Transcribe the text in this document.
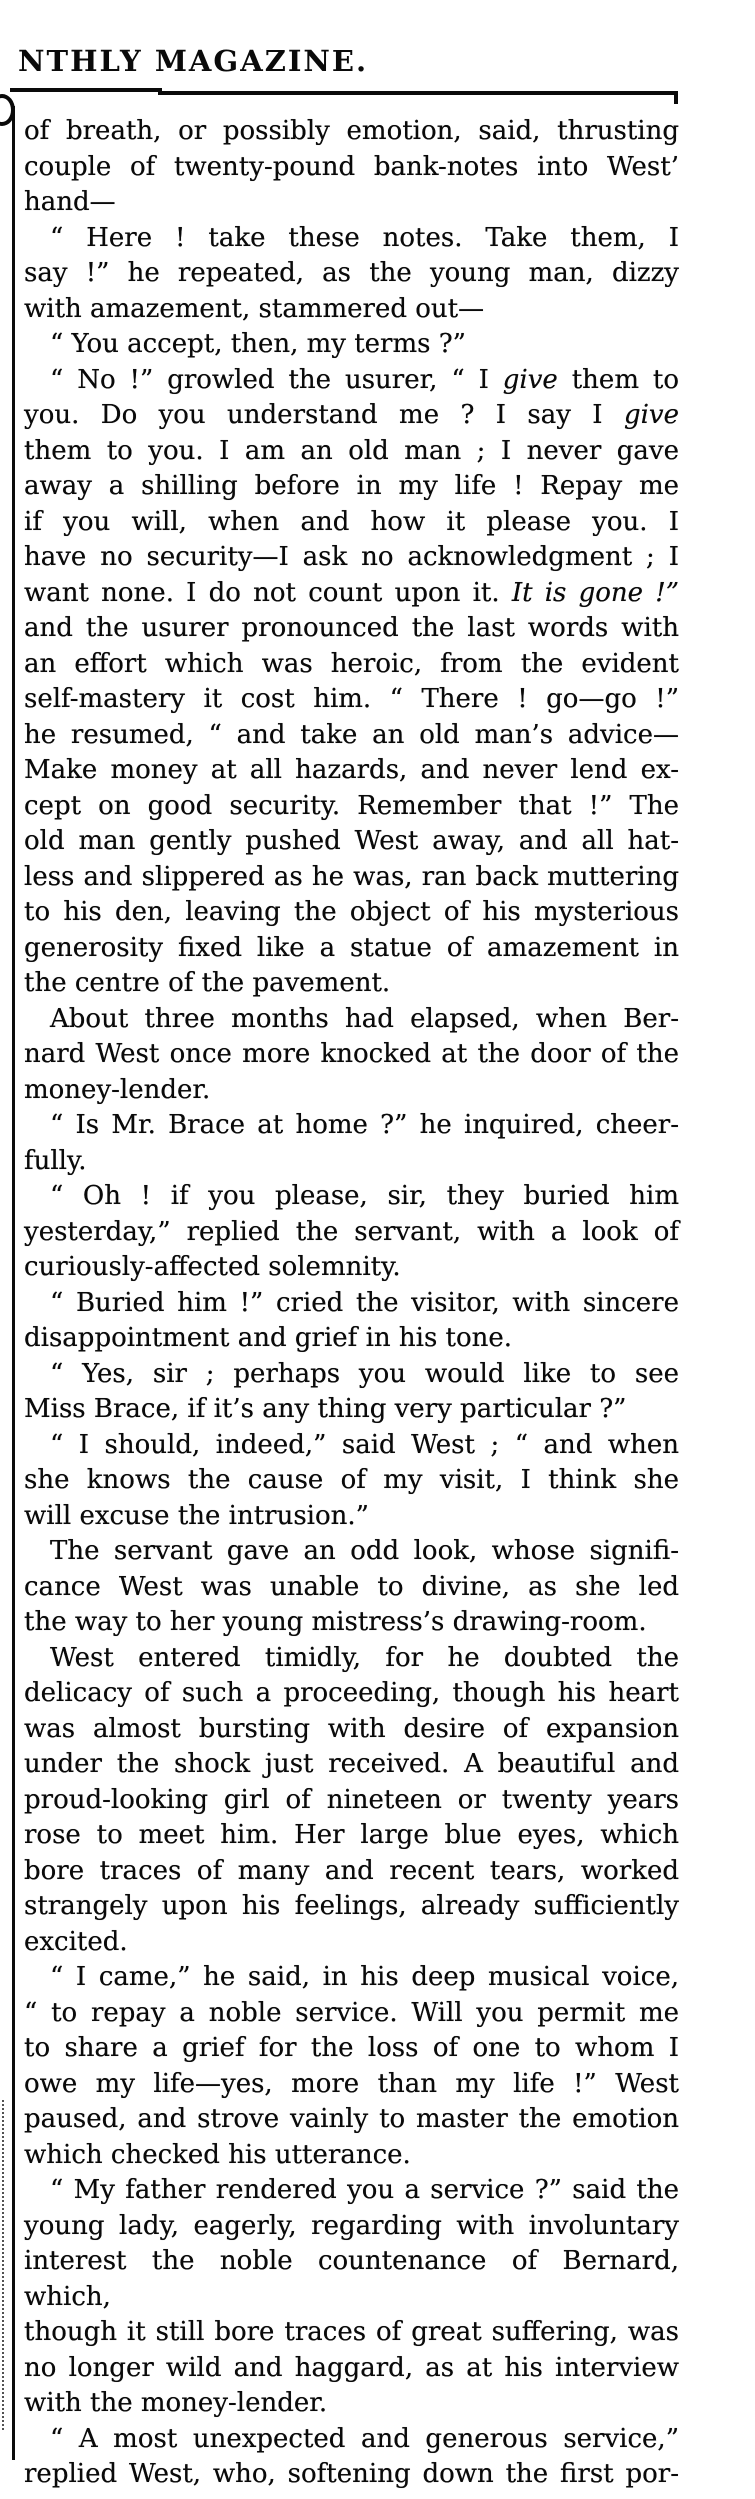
NTHLY MAGAZINE.
of breath, or possibly emotion, said, thrusting
couple of twenty-pound bank-notes into West’
hand—
“ Here ! take these notes. Take them, I
say !” he repeated, as the young man, dizzy
with amazement, stammered out—
“ You accept, then, my terms ?”
“ No !” growled the usurer, “ I give them to
you. Do you understand me ? I say I give
them to you. I am an old man ; I never gave
away a shilling before in my life ! Repay me
if you will, when and how it please you. I
have no security—I ask no acknowledgment ; I
want none. I do not count upon it. It is gone !”
and the usurer pronounced the last words with
an effort which was heroic, from the evident
self-mastery it cost him. “ There ! go—go !”
he resumed, “ and take an old man’s advice—
Make money at all hazards, and never lend ex-
cept on good security. Remember that !” The
old man gently pushed West away, and all hat-
less and slippered as he was, ran back muttering
to his den, leaving the object of his mysterious
generosity fixed like a statue of amazement in
the centre of the pavement.
About three months had elapsed, when Ber-
nard West once more knocked at the door of the
money-lender.
“ Is Mr. Brace at home ?” he inquired, cheer-
fully.
“ Oh ! if you please, sir, they buried him
yesterday,” replied the servant, with a look of
curiously-affected solemnity.
“ Buried him !” cried the visitor, with sincere
disappointment and grief in his tone.
“ Yes, sir ; perhaps you would like to see
Miss Brace, if it’s any thing very particular ?”
“ I should, indeed,” said West ; “ and when
she knows the cause of my visit, I think she
will excuse the intrusion.”
The servant gave an odd look, whose signifi-
cance West was unable to divine, as she led
the way to her young mistress’s drawing-room.
West entered timidly, for he doubted the
delicacy of such a proceeding, though his heart
was almost bursting with desire of expansion
under the shock just received. A beautiful and
proud-looking girl of nineteen or twenty years
rose to meet him. Her large blue eyes, which
bore traces of many and recent tears, worked
strangely upon his feelings, already sufficiently
excited.
“ I came,” he said, in his deep musical voice,
“ to repay a noble service. Will you permit me
to share a grief for the loss of one to whom I
owe my life—yes, more than my life !” West
paused, and strove vainly to master the emotion
which checked his utterance.
“ My father rendered you a service ?” said the
young lady, eagerly, regarding with involuntary
interest the noble countenance of Bernard, which,
though it still bore traces of great suffering, was
no longer wild and haggard, as at his interview
with the money-lender.
“ A most unexpected and generous service,”
replied West, who, softening down the first por-
